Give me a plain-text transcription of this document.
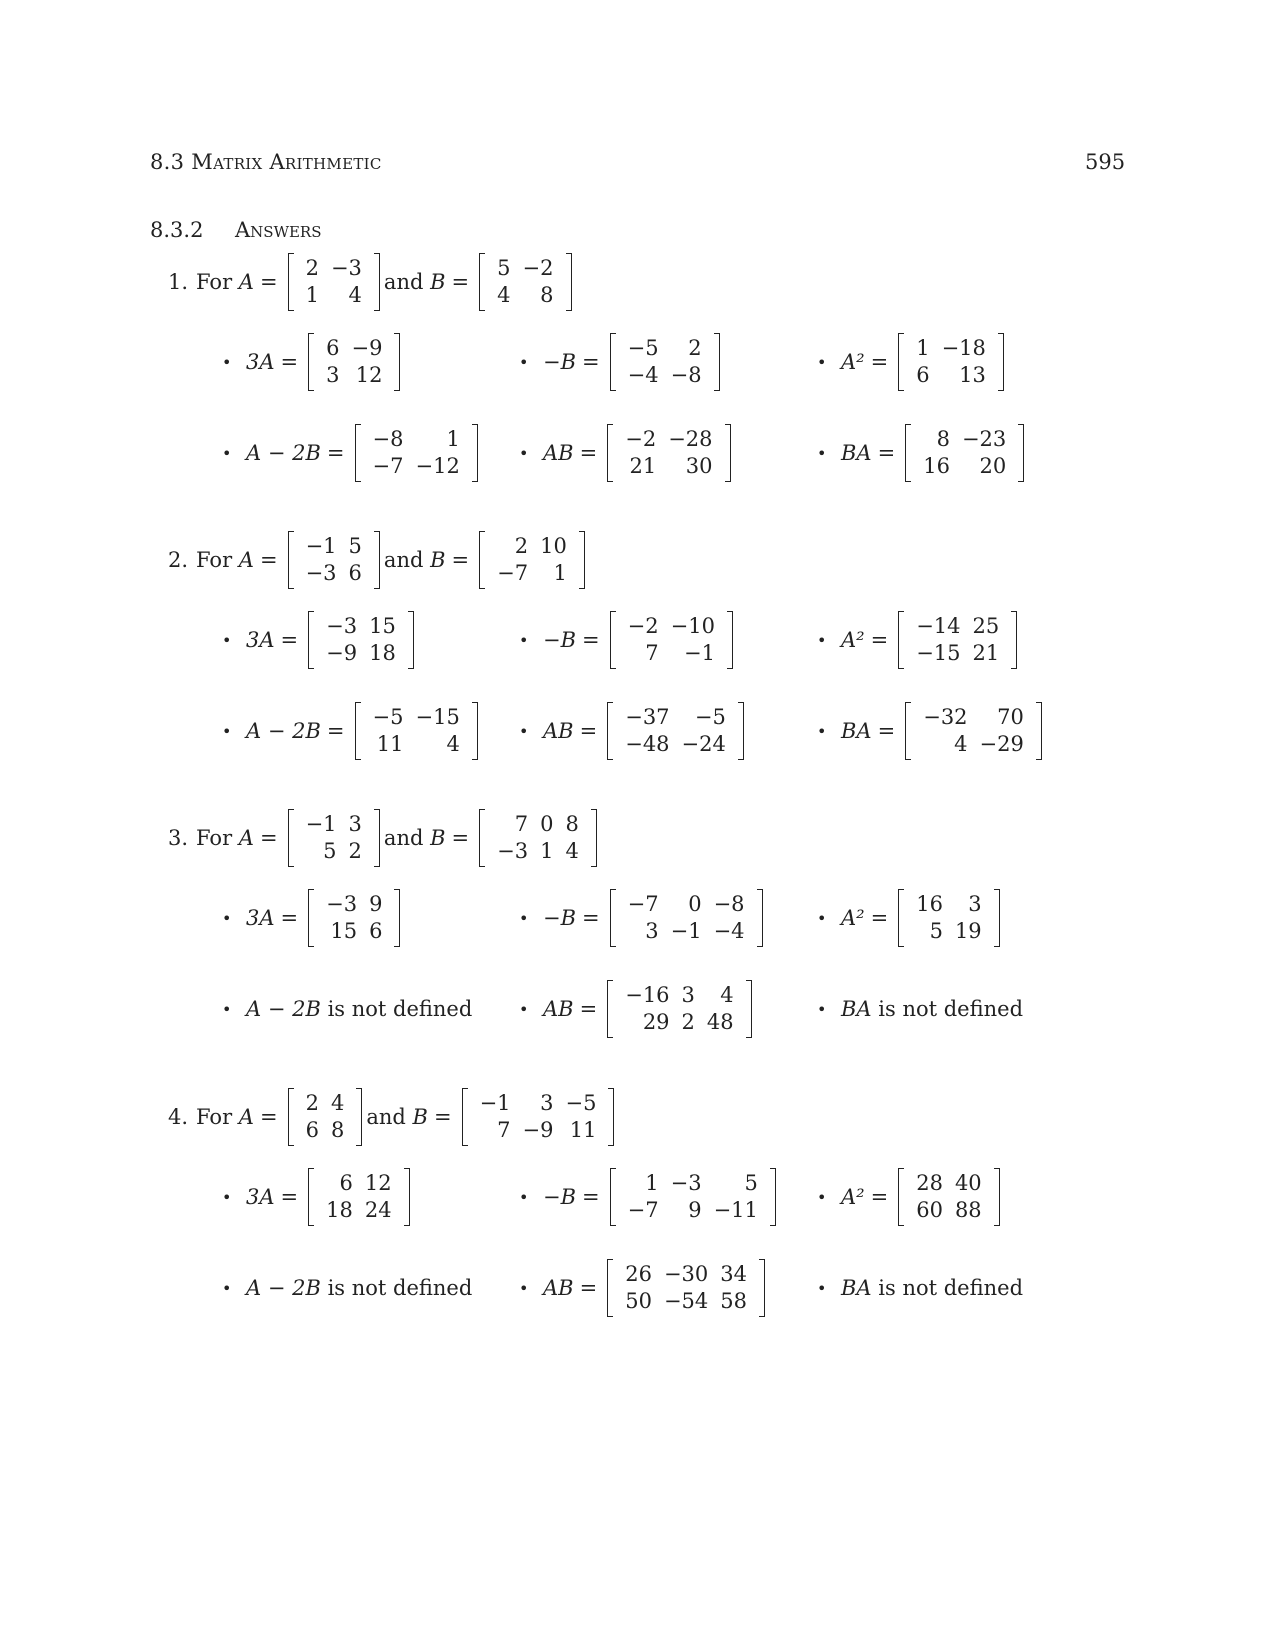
8.3 Matrix Arithmetic	595
8.3.2 Answers
1. For
A =
2	−3
1	4
and
B =
5	−2
4	8
• 3A =
6	−9
3	12
• −B =
−5	2
−4	−8
• A² =
1	−18
6	13
• A − 2B =
−8	1
−7	−12
• AB =
−2	−28
21	30
• BA =
8	−23
16	20
2. For
A =
−1	5
−3	6
and
B =
2	10
−7	1
• 3A =
−3	15
−9	18
• −B =
−2	−10
7	−1
• A² =
−14	25
−15	21
• A − 2B =
−5	−15
11	4
• AB =
−37	−5
−48	−24
• BA =
−32	70
4	−29
3. For
A =
−1	3
5	2
and
B =
7	0	8
−3	1	4
• 3A =
−3	9
15	6
• −B =
−7	0	−8
3	−1	−4
• A² =
16	3
5	19
• A − 2B is not defined	• AB =
−16	3	4
29	2	48
• BA is not defined
4. For
A =
2	4
6	8
and
B =
−1	3	−5
7	−9	11
• 3A =
6	12
18	24
• −B =
1	−3	5
−7	9	−11
• A² =
28	40
60	88
• A − 2B is not defined	• AB =
26	−30	34
50	−54	58
• BA is not defined
